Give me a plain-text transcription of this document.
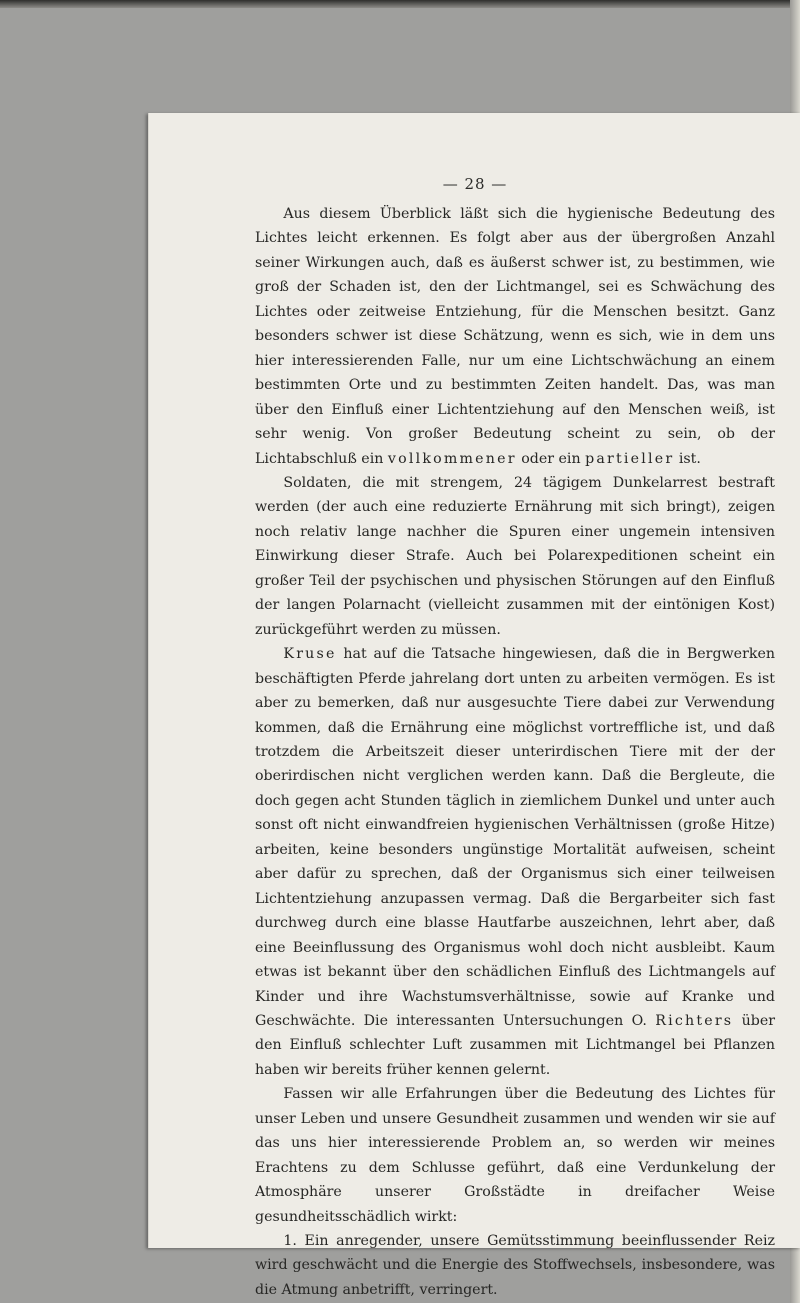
— 28 —

Aus diesem Überblick läßt sich die hygienische Bedeutung des Lichtes leicht erkennen. Es folgt aber aus der übergroßen Anzahl seiner Wirkungen auch, daß es äußerst schwer ist, zu bestimmen, wie groß der Schaden ist, den der Lichtmangel, sei es Schwächung des Lichtes oder zeitweise Entziehung, für die Menschen besitzt. Ganz besonders schwer ist diese Schätzung, wenn es sich, wie in dem uns hier interessierenden Falle, nur um eine Lichtschwächung an einem bestimmten Orte und zu bestimmten Zeiten handelt. Das, was man über den Einfluß einer Lichtentziehung auf den Menschen weiß, ist sehr wenig. Von großer Bedeutung scheint zu sein, ob der Lichtabschluß ein vollkommener oder ein partieller ist.

Soldaten, die mit strengem, 24 tägigem Dunkelarrest bestraft werden (der auch eine reduzierte Ernährung mit sich bringt), zeigen noch relativ lange nachher die Spuren einer ungemein intensiven Einwirkung dieser Strafe. Auch bei Polarexpeditionen scheint ein großer Teil der psychischen und physischen Störungen auf den Einfluß der langen Polarnacht (vielleicht zusammen mit der eintönigen Kost) zurückgeführt werden zu müssen.

Kruse hat auf die Tatsache hingewiesen, daß die in Bergwerken beschäftigten Pferde jahrelang dort unten zu arbeiten vermögen. Es ist aber zu bemerken, daß nur ausgesuchte Tiere dabei zur Verwendung kommen, daß die Ernährung eine möglichst vortreffliche ist, und daß trotzdem die Arbeitszeit dieser unterirdischen Tiere mit der der oberirdischen nicht verglichen werden kann. Daß die Bergleute, die doch gegen acht Stunden täglich in ziemlichem Dunkel und unter auch sonst oft nicht einwandfreien hygienischen Verhältnissen (große Hitze) arbeiten, keine besonders ungünstige Mortalität aufweisen, scheint aber dafür zu sprechen, daß der Organismus sich einer teilweisen Lichtentziehung anzupassen vermag. Daß die Bergarbeiter sich fast durchweg durch eine blasse Hautfarbe auszeichnen, lehrt aber, daß eine Beeinflussung des Organismus wohl doch nicht ausbleibt. Kaum etwas ist bekannt über den schädlichen Einfluß des Lichtmangels auf Kinder und ihre Wachstumsverhältnisse, sowie auf Kranke und Geschwächte. Die interessanten Untersuchungen O. Richters über den Einfluß schlechter Luft zusammen mit Lichtmangel bei Pflanzen haben wir bereits früher kennen gelernt.

Fassen wir alle Erfahrungen über die Bedeutung des Lichtes für unser Leben und unsere Gesundheit zusammen und wenden wir sie auf das uns hier interessierende Problem an, so werden wir meines Erachtens zu dem Schlusse geführt, daß eine Verdunkelung der Atmosphäre unserer Großstädte in dreifacher Weise gesundheitsschädlich wirkt:

1. Ein anregender, unsere Gemütsstimmung beeinflussender Reiz wird geschwächt und die Energie des Stoffwechsels, insbesondere, was die Atmung anbetrifft, verringert.
